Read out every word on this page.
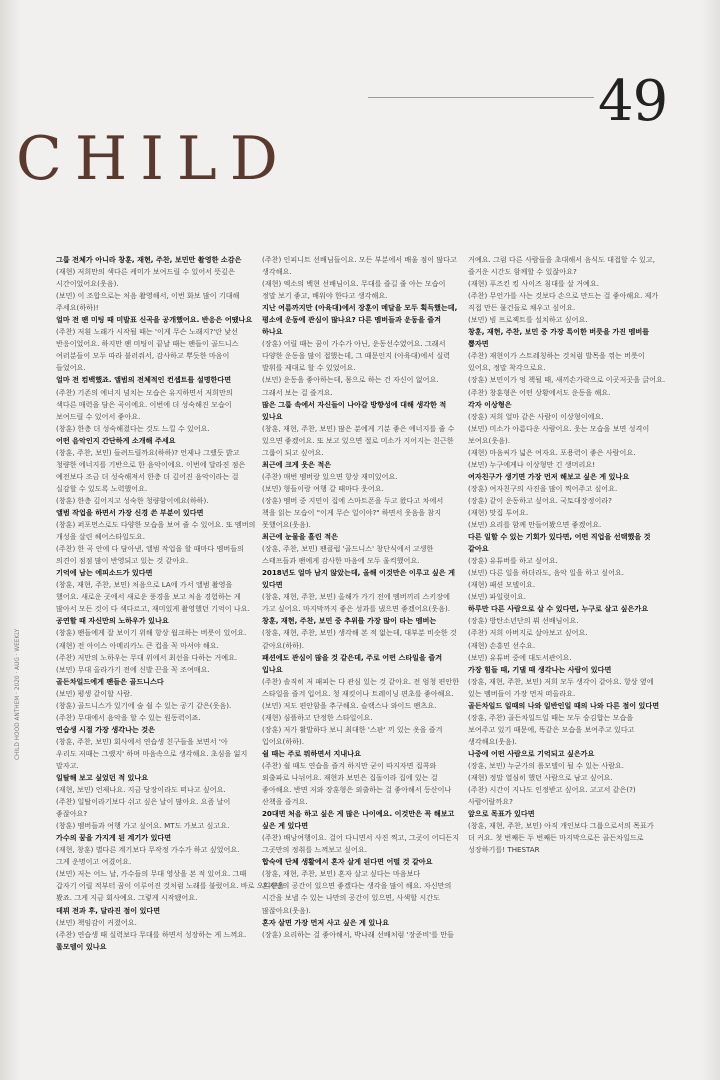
49
CHILD
CHILD HOOD ANTHEM · 2020 · AUG · WEEKLY

그룹 전체가 아니라 창훈, 재현, 주찬, 보민만 촬영한 소감은

(재현) 저희만의 색다른 케미가 보여드릴 수 있어서 뜻깊은

시간이었어요(웃음).

(보민) 이 조합으로는 처음 촬영해서, 이번 화보 많이 기대해

주세요(하하)!

얼마 전 팬 미팅 때 미발표 신곡을 공개했어요. 반응은 어땠나요

(주찬) 저흰 노래가 시작될 때는 '이게 무슨 노래지?'란 낯선

반응이었어요. 하지만 팬 미팅이 끝날 때는 팬들이 골드니스

여러분들이 모두 따라 불러줘서, 감사하고 뿌듯한 마음이

들었어요.

얼마 전 컴백했죠. 앨범의 전체적인 컨셉트를 설명한다면

(주찬) 기존의 에너지 넘치는 모습은 유지하면서 저희만의

색다른 매력을 담은 곡이에요. 이번에 더 성숙해진 모습이

보여드릴 수 있어서 좋아요.

(창훈) 한층 더 성숙해졌다는 것도 느낄 수 있어요.

어떤 음악인지 간단하게 소개해 주세요

(창훈, 주찬, 보민) 들려드릴까요(하하)? 언제나 그랬듯 밝고

청량한 에너지를 기반으로 한 음악이에요. 이번에 달라진 점은

예전보다 조금 더 성숙해져서 한층 더 깊어진 음악이라는 걸

실감할 수 있도록 노력했어요.

(창훈) 한층 깊어지고 성숙한 청량함이에요(하하).

앨범 작업을 하면서 가장 신경 쓴 부분이 있다면

(창훈) 퍼포먼스로도 다양한 모습을 보여 줄 수 있어요. 또 멤버의

개성을 살린 헤어스타일도요.

(주찬) 한 곡 안에 다 담아낸, 앨범 작업을 할 때마다 멤버들의

의견이 점점 많이 반영되고 있는 것 같아요.

기억에 남는 에피소드가 있다면

(창훈, 재현, 주찬, 보민) 처음으로 LA에 가서 앨범 촬영을

했어요. 새로운 곳에서 새로운 풍경을 보고 처음 경험하는 게

많아서 모든 것이 다 색다르고, 재미있게 촬영했던 기억이 나요.

공연할 때 자신만의 노하우가 있나요

(창훈) 팬들에게 잘 보이기 위해 항상 웜크하는 버릇이 있어요.

(재현) 전 아이스 아메리카노 큰 컵을 꼭 마셔야 해요.

(주찬) 저만의 노하우는 무대 위에서 최선을 다하는 거예요.

(보민) 무대 올라가기 전에 신발 끈을 꼭 조여매요.

골든차일드에게 팬들은 골드니스다

(보민) 평생 같이할 사람.

(창훈) 골드니스가 있기에 숨 쉴 수 있는 공기 같은(웃음).

(주찬) 무대에서 음악을 할 수 있는 원동력이죠.

연습생 시절 가장 생각나는 것은

(창훈, 주찬, 보민) 회사에서 연습생 친구들을 보면서 '아

우리도 저때는 그랬지' 하며 마음속으로 생각해요. 초심을 잃지

말자고.

일탈해 보고 싶었던 적 있나요

(재현, 보민) 언제나요. 지금 당장이라도 떠나고 싶어요.

(주찬) 일탈이라기보다 쉬고 싶은 날이 많아요. 요즘 날이

좋잖아요?

(창훈) 멤버들과 여행 가고 싶어요. MT도 가보고 싶고요.

가수의 꿈을 가지게 된 계기가 있다면

(재현, 창훈) 별다른 계기보다 무작정 가수가 하고 싶었어요.

그게 운명이고 여겼어요.

(보민) 저는 어느 날, 가수들의 무대 영상을 본 적 있어요. 그때

갑자기 어릴 적부터 꿈이 이루어진 것처럼 노래를 불렀어요. 바로 오디션을

봤죠. 그게 지금 회사예요. 그렇게 시작됐어요.

데뷔 전과 후, 달라진 점이 있다면

(보민) 책임감이 커졌어요.

(주찬) 연습생 때 실력보다 무대를 하면서 성장하는 게 느껴요.

롤모델이 있나요

(주찬) 인피니트 선배님들이요. 모든 부분에서 배울 점이 많다고

생각해요.

(재현) 엑소의 백현 선배님이요. 무대를 즐길 줄 아는 모습이

정말 보기 좋고, 배워야 한다고 생각해요.

지난 여름까지만 (아육대)에서 장훈이 메달을 모두 획득했는데,

평소에 운동에 관심이 많나요? 다른 멤버들과 운동을 즐겨

하나요

(장훈) 어릴 때는 꿈이 가수가 아닌, 운동선수였어요. 그래서

다양한 운동을 많이 접했는데, 그 때문인지 (아육대)에서 실력

발휘를 제대로 할 수 있었어요.

(보민) 운동을 좋아하는데, 몸으로 하는 건 자신이 없어요.

그래서 보는 걸 즐겨요.

많은 그룹 속에서 자신들이 나아갈 방향성에 대해 생각한 적

있나요

(창훈, 재현, 주찬, 보민) 많은 분에게 기분 좋은 에너지를 줄 수

있으면 좋겠어요. 또 보고 있으면 절로 미소가 지어지는 친근한

그룹이 되고 싶어요.

최근에 크게 웃은 적은

(주찬) 매번 멤버랑 있으면 항상 재미있어요.

(보민) 형들이랑 여행 갈 때마다 웃어요.

(장훈) 멤버 중 지민이 집에 스마트폰을 두고 왔다고 차에서

책을 읽는 모습이 "이게 무슨 일이야?" 하면서 웃음을 참지

못했어요(웃음).

최근에 눈물을 흘린 적은

(장훈, 주찬, 보민) 팬클럽 '골드니스' 창단식에서 고생한

스태프들과 팬에게 감사한 마음에 모두 울컥했어요.

2018년도 얼마 남지 않았는데, 올해 이것만은 이루고 싶은 게

있다면

(창훈, 재현, 주찬, 보민) 올해가 가기 전에 멤버끼리 스키장에

가고 싶어요. 마지막까지 좋은 성과를 냈으면 좋겠어요(웃음).

창훈, 재현, 주찬, 보민 중 추위를 가장 많이 타는 멤버는

(창훈, 재현, 주찬, 보민) 생각해 본 적 없는데, 대부분 비슷한 것

같아요(하하).

패션에도 관심이 많을 것 같은데, 주로 어떤 스타일을 즐겨

입나요

(주찬) 솔직히 저 패피는 다 관심 있는 것 같아요. 전 엄청 편안한

스타일을 즐겨 입어요. 청 재킷이나 트레이닝 편초를 좋아해요.

(보민) 저도 편안함을 추구해요. 슬랙스나 와이드 팬츠요.

(재현) 심플하고 단정한 스타일이요.

(장훈) 저가 활발하다 보니 최대한 '스판' 끼 있는 옷을 즐겨

입어요(하하).

쉴 때는 주로 뭐하면서 지내나요

(주찬) 쉴 때도 연습을 즐겨 하지만 굳이 따지자면 집콕와

외출파로 나뉘어요. 재현과 보민은 집돌이라 집에 있는 걸

좋아해요. 반면 저와 장훈형은 외출하는 걸 좋아해서 등산이나

산책을 즐겨요.

20대면 처음 하고 싶은 게 많은 나이예요. 이것만은 꼭 해보고

싶은 게 있다면

(주찬) 배낭여행이요. 걸어 다니면서 사진 찍고, 그곳이 어디든지

그곳만의 정취를 느껴보고 싶어요.

합숙에 단체 생활에서 혼자 살게 된다면 어떨 것 같아요

(창훈, 재현, 주찬, 보민) 혼자 살고 싶다는 마음보다

혼자만의 공간이 있으면 좋겠다는 생각을 많이 해요. 자신만의

시간을 보낼 수 있는 나만의 공간이 있으면, 사색할 시간도

많잖아요(웃음).

혼자 살면 가장 먼저 사고 싶은 게 있나요

(장훈) 요리하는 걸 좋아해서, 박나래 선배처럼 '장준비'를 만들

거예요. 그럼 다른 사람들을 초대해서 음식도 대접할 수 있고,

즐거운 시간도 함께할 수 있잖아요?

(재현) 푸즈킨 킹 사이즈 침대를 살 거예요.

(주찬) 무언가를 사는 것보다 손으로 만드는 걸 좋아해요. 제가

직접 만든 물건들로 채우고 싶어요.

(보민) 빔 프로젝트를 설치하고 싶어요.

창훈, 재현, 주찬, 보민 중 가장 특이한 버릇을 가진 멤버를

뽑자면

(주찬) 재현이가 스트레칭하는 것처럼 발목을 꺾는 버릇이

있어요, 정말 착각으로요.

(장훈) 보민이가 엉 책될 때, 새끼손가락으로 이곳저곳을 긁어요.

(주찬) 창훈형은 어떤 상황에서도 운동을 해요.

각자 이상형은

(장훈) 저희 얼마 같은 사람이 이상형이에요.

(보민) 미소가 아름다운 사람이요. 웃는 모습을 보면 성격이

보여요(웃음).

(재현) 마음씨가 넓은 여자요. 포용력이 좋은 사람이요.

(보민) 누구에게나 이상형만 긴 생머리요!

여자친구가 생기면 가장 먼저 해보고 싶은 게 있나요

(장훈) 여자친구의 사진을 많이 찍어주고 싶어요.

(장훈) 같이 운동하고 싶어요. 국토대장정이라?

(재현) 맛집 투어요.

(보민) 요리를 함께 만들어봤으면 좋겠어요.

다른 일할 수 있는 기회가 있다면, 어떤 직업을 선택했을 것

같아요

(장훈) 유튜버를 하고 싶어요.

(보민) 다른 일을 하더라도, 음악 일을 하고 싶어요.

(재현) 패션 모델이요.

(보민) 파일럿이요.

하루만 다른 사람으로 살 수 있다면, 누구로 살고 싶은가요

(장훈) 방탄소년단의 뷔 선배님이요.

(주찬) 저희 아버지로 살아보고 싶어요.

(재현) 손흥민 선수요.

(보민) 유튜버 중에 대도서관이요.

가장 힘들 때, 기댈 때 생각나는 사람이 있다면

(장훈, 재현, 주찬, 보민) 저희 모두 생각이 같아요. 항상 옆에

있는 멤버들이 가장 먼저 떠올라요.

골든차일드 일때의 나와 일반인일 때의 나와 다른 점이 있다면

(장훈, 주찬) 골든차일드일 때는 모두 승김합는 모습을

보여주고 있기 때문에, 똑같은 모습을 보여주고 있다고

생각해요(웃음).

나중에 어떤 사람으로 기억되고 싶은가요

(장훈, 보민) 누군가의 롤모델이 될 수 있는 사람요.

(재현) 정말 열심히 했던 사람으로 남고 싶어요.

(주찬) 시간이 지나도 인정받고 싶어요. 고고서 같은(?)

사람이랄까요?

앞으로 목표가 있다면

(창훈, 재현, 주찬, 보민) 아직 개인보다 그룹으로서의 목표가

더 커요. 첫 번째든 두 번째든 마지막으로든 골든차일드로

성장하기를! THESTAR
